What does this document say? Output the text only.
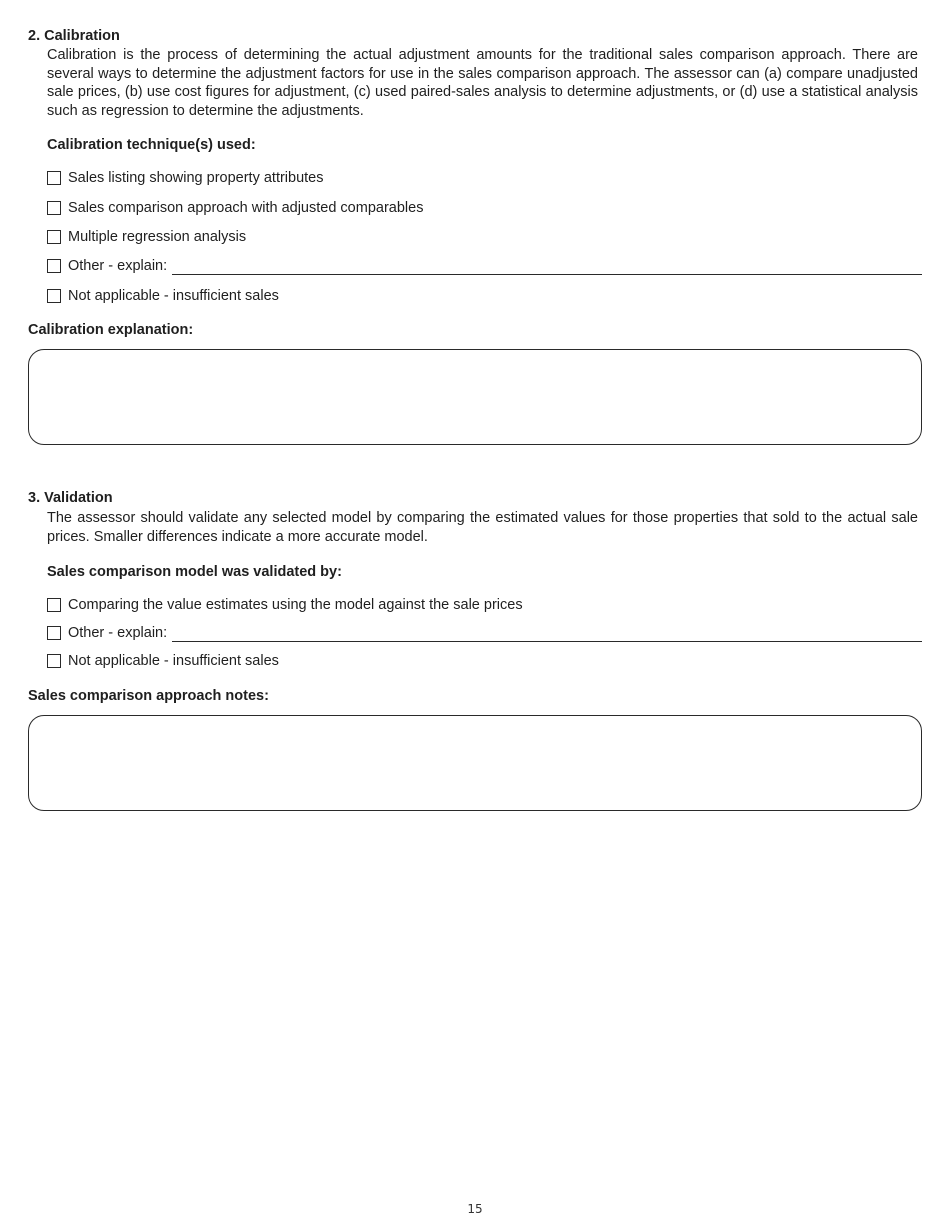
2. Calibration
Calibration is the process of determining the actual adjustment amounts for the traditional sales comparison approach. There are several ways to determine the adjustment factors for use in the sales comparison approach. The assessor can (a) compare unadjusted sale prices, (b) use cost figures for adjustment, (c) used paired-sales analysis to determine adjustments, or (d) use a statistical analysis such as regression to determine the adjustments.
Calibration technique(s) used:
Sales listing showing property attributes
Sales comparison approach with adjusted comparables
Multiple regression analysis
Other - explain:
Not applicable - insufficient sales
Calibration explanation:
3. Validation
The assessor should validate any selected model by comparing the estimated values for those properties that sold to the actual sale prices. Smaller differences indicate a more accurate model.
Sales comparison model was validated by:
Comparing the value estimates using the model against the sale prices
Other - explain:
Not applicable - insufficient sales
Sales comparison approach notes:
15
